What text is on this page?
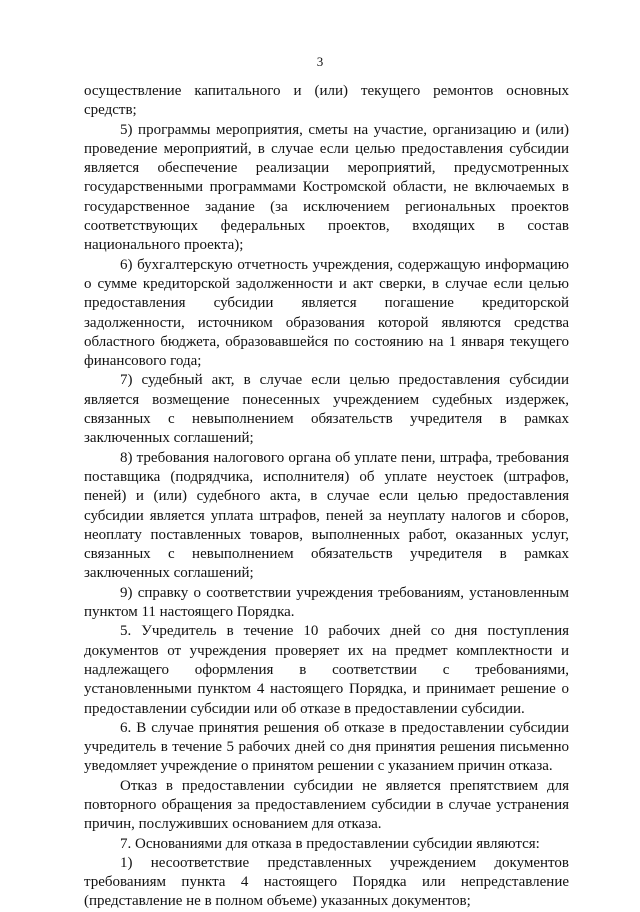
3

осуществление капитального и (или) текущего ремонтов основных средств;

5) программы мероприятия, сметы на участие, организацию и (или) проведение мероприятий, в случае если целью предоставления субсидии является обеспечение реализации мероприятий, предусмотренных государственными программами Костромской области, не включаемых в государственное задание (за исключением региональных проектов соответствующих федеральных проектов, входящих в состав национального проекта);

6) бухгалтерскую отчетность учреждения, содержащую информацию о сумме кредиторской задолженности и акт сверки, в случае если целью предоставления субсидии является погашение кредиторской задолженности, источником образования которой являются средства областного бюджета, образовавшейся по состоянию на 1 января текущего финансового года;

7) судебный акт, в случае если целью предоставления субсидии является возмещение понесенных учреждением судебных издержек, связанных с невыполнением обязательств учредителя в рамках заключенных соглашений;

8) требования налогового органа об уплате пени, штрафа, требования поставщика (подрядчика, исполнителя) об уплате неустоек (штрафов, пеней) и (или) судебного акта, в случае если целью предоставления субсидии является уплата штрафов, пеней за неуплату налогов и сборов, неоплату поставленных товаров, выполненных работ, оказанных услуг, связанных с невыполнением обязательств учредителя в рамках заключенных соглашений;

9) справку о соответствии учреждения требованиям, установленным пунктом 11 настоящего Порядка.

5. Учредитель в течение 10 рабочих дней со дня поступления документов от учреждения проверяет их на предмет комплектности и надлежащего оформления в соответствии с требованиями, установленными пунктом 4 настоящего Порядка, и принимает решение о предоставлении субсидии или об отказе в предоставлении субсидии.

6. В случае принятия решения об отказе в предоставлении субсидии учредитель в течение 5 рабочих дней со дня принятия решения письменно уведомляет учреждение о принятом решении с указанием причин отказа.

Отказ в предоставлении субсидии не является препятствием для повторного обращения за предоставлением субсидии в случае устранения причин, послуживших основанием для отказа.

7. Основаниями для отказа в предоставлении субсидии являются:

1) несоответствие представленных учреждением документов требованиям пункта 4 настоящего Порядка или непредставление (представление не в полном объеме) указанных документов;
